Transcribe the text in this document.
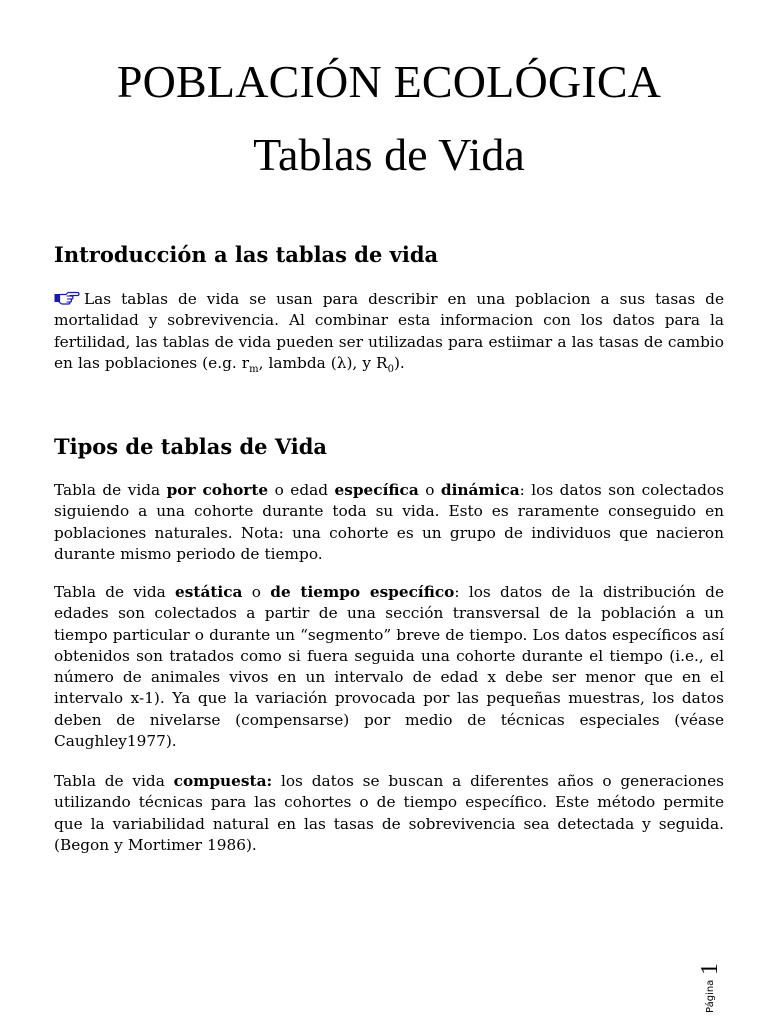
POBLACIÓN ECOLÓGICA
Tablas de Vida
Introducción a las tablas de vida
Las tablas de vida se usan para describir en una poblacion a sus tasas de mortalidad y sobrevivencia. Al combinar esta informacion con los datos para la fertilidad, las tablas de vida pueden ser utilizadas para estiimar a las tasas de cambio en las poblaciones (e.g. $r_m$, lambda (λ), y $R_0$).
Tipos de tablas de Vida
Tabla de vida por cohorte o edad específica o dinámica: los datos son colectados siguiendo a una cohorte durante toda su vida. Esto es raramente conseguido en poblaciones naturales. Nota: una cohorte es un grupo de individuos que nacieron durante mismo periodo de tiempo.
Tabla de vida estática o de tiempo específico: los datos de la distribución de edades son colectados a partir de una sección transversal de la población a un tiempo particular o durante un “segmento” breve de tiempo. Los datos específicos así obtenidos son tratados como si fuera seguida una cohorte durante el tiempo (i.e., el número de animales vivos en un intervalo de edad x debe ser menor que en el intervalo x-1). Ya que la variación provocada por las pequeñas muestras, los datos deben de nivelarse (compensarse) por medio de técnicas especiales (véase Caughley1977).
Tabla de vida compuesta: los datos se buscan a diferentes años o generaciones utilizando técnicas para las cohortes o de tiempo específico. Este método permite que la variabilidad natural en las tasas de sobrevivencia sea detectada y seguida. (Begon y Mortimer 1986).
Página
1
